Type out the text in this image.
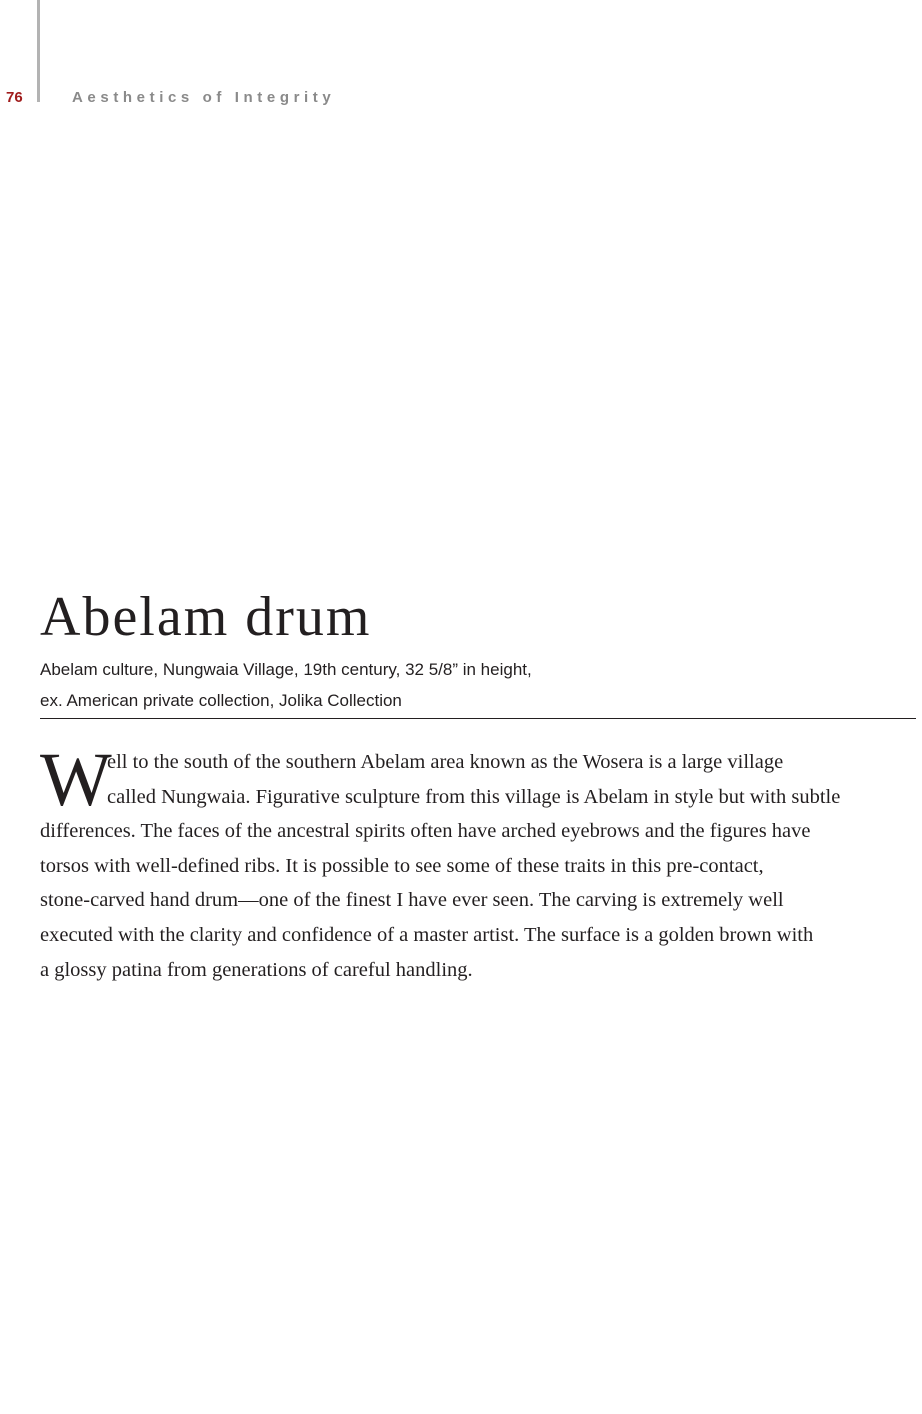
76	Aesthetics of Integrity
Abelam drum
Abelam culture, Nungwaia Village, 19th century, 32 5/8” in height,
ex. American private collection, Jolika Collection
W
ell to the south of the southern Abelam area known as the Wosera is a large village
called Nungwaia. Figurative sculpture from this village is Abelam in style but with subtle
differences. The faces of the ancestral spirits often have arched eyebrows and the figures have
torsos with well-defined ribs. It is possible to see some of these traits in this pre-contact,
stone-carved hand drum—one of the finest I have ever seen. The carving is extremely well
executed with the clarity and confidence of a master artist. The surface is a golden brown with
a glossy patina from generations of careful handling.
